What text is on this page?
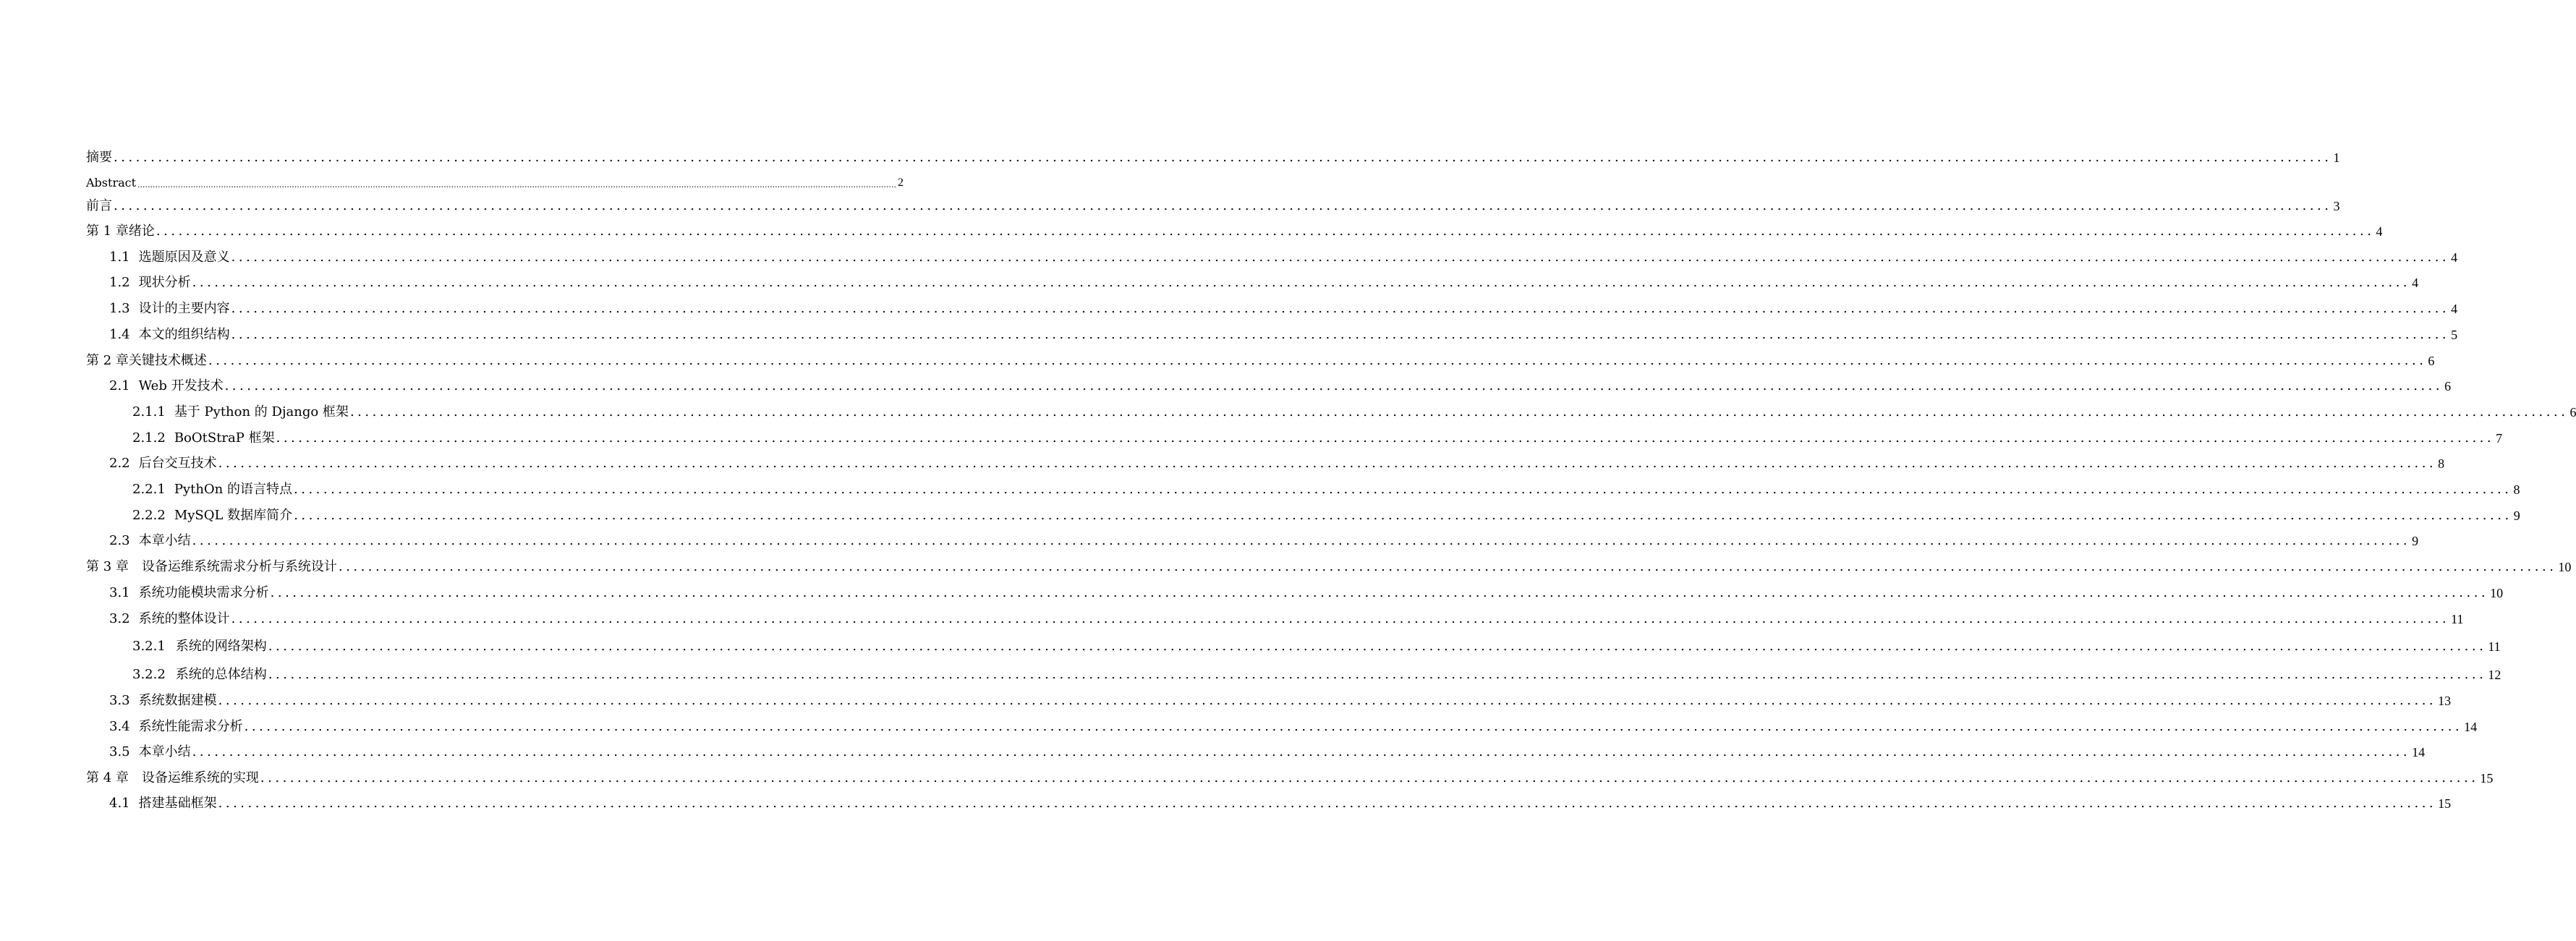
摘要 ............................................................................................................................................................................................................................................................................................................ 1
Abstract ............................................................................................................................................................................................................................................................................................................ 2
前言 ............................................................................................................................................................................................................................................................................................................ 3
第 1 章绪论 ............................................................................................................................................................................................................................................................................................................ 4
1.1 选题原因及意义 ............................................................................................................................................................................................................................................................................................................ 4
1.2 现状分析 ............................................................................................................................................................................................................................................................................................................ 4
1.3 设计的主要内容 ............................................................................................................................................................................................................................................................................................................ 4
1.4 本文的组织结构 ............................................................................................................................................................................................................................................................................................................ 5
第 2 章关键技术概述 ............................................................................................................................................................................................................................................................................................................ 6
2.1 Web 开发技术 ............................................................................................................................................................................................................................................................................................................ 6
2.1.1 基于 Python 的 Django 框架 ............................................................................................................................................................................................................................................................................................................ 6
2.1.2 BoOtStraP 框架 ............................................................................................................................................................................................................................................................................................................ 7
2.2 后台交互技术 ............................................................................................................................................................................................................................................................................................................ 8
2.2.1 PythOn 的语言特点 ............................................................................................................................................................................................................................................................................................................ 8
2.2.2 MySQL 数据库简介 ............................................................................................................................................................................................................................................................................................................ 9
2.3 本章小结 ............................................................................................................................................................................................................................................................................................................ 9
第 3 章 设备运维系统需求分析与系统设计 ............................................................................................................................................................................................................................................................................................................ 10
3.1 系统功能模块需求分析 ............................................................................................................................................................................................................................................................................................................ 10
3.2 系统的整体设计 ............................................................................................................................................................................................................................................................................................................ 11
3.2.1 系统的网络架构 ............................................................................................................................................................................................................................................................................................................ 11
3.2.2 系统的总体结构 ............................................................................................................................................................................................................................................................................................................ 12
3.3 系统数据建模 ............................................................................................................................................................................................................................................................................................................ 13
3.4 系统性能需求分析 ............................................................................................................................................................................................................................................................................................................ 14
3.5 本章小结 ............................................................................................................................................................................................................................................................................................................ 14
第 4 章 设备运维系统的实现 ............................................................................................................................................................................................................................................................................................................ 15
4.1 搭建基础框架 ............................................................................................................................................................................................................................................................................................................ 15
